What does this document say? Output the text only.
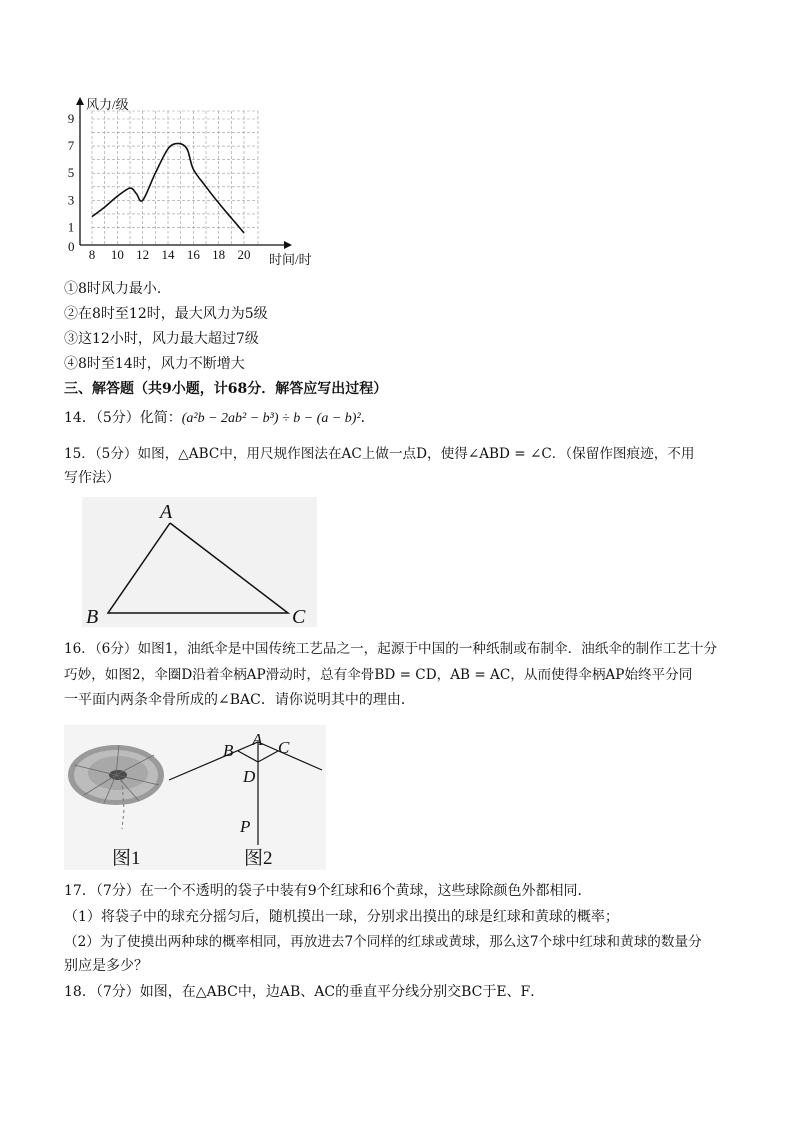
8 10 12 14 16 18 20
1
3
5
7
9
风力/级
时间/时
0
①8时风力最小．
②在8时至12时，最大风力为5级
③这12小时，风力最大超过7级
④8时至14时，风力不断增大
三、解答题（共9小题，计68分．解答应写出过程）
14．（5分）化简：(a²b − 2ab² − b³) ÷ b − (a − b)²．
15．（5分）如图，△ABC中，用尺规作图法在AC上做一点D，使得∠ABD = ∠C．（保留作图痕迹，不用
写作法）
A
B	C
16．（6分）如图1，油纸伞是中国传统工艺品之一，起源于中国的一种纸制或布制伞．油纸伞的制作工艺十分
巧妙，如图2，伞圈D沿着伞柄AP滑动时，总有伞骨BD = CD，AB = AC，从而使得伞柄AP始终平分同
一平面内两条伞骨所成的∠BAC．请你说明其中的理由．
B
A C
D
P
图1	图2
17．（7分）在一个不透明的袋子中装有9个红球和6个黄球，这些球除颜色外都相同．
（1）将袋子中的球充分摇匀后，随机摸出一球，分别求出摸出的球是红球和黄球的概率；
（2）为了使摸出两种球的概率相同，再放进去7个同样的红球或黄球，那么这7个球中红球和黄球的数量分
别应是多少？
18．（7分）如图，在△ABC中，边AB、AC的垂直平分线分别交BC于E、F．
